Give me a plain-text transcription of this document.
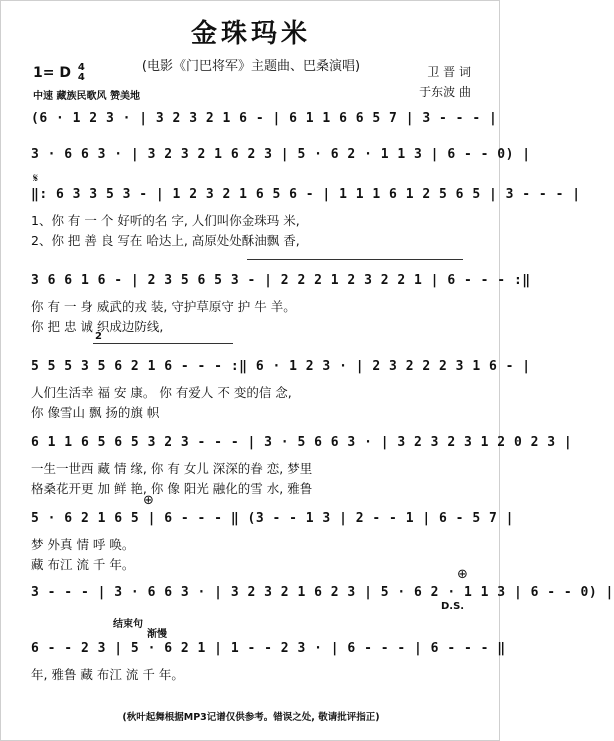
金珠玛米
(电影《门巴将军》主题曲、巴桑演唱)
1= D 4
4
中速 藏族民歌风 赞美地
卫 晋 词
于东波 曲
(6 · 1 2 3 · | 3 2 3 2 1 6 - | 6 1 1 6 6 5 7 | 3 - - - |
3 · 6 6 3 · | 3 2 3 2 1 6 2 3 | 5 · 6 2 · 1 1 3 | 6 - - 0) |
𝄋
‖: 6 3 3 5 3 - | 1 2 3 2 1 6 5 6 - | 1 1 1 6 1 2 5 6 5 | 3 - - - |
1、你 有 一 个 好听的名 字, 人们叫你金珠玛 米,
2、你 把 善 良 写在 哈达上, 高原处处酥油飘 香,
3 6 6 1 6 - | 2 3 5 6 5 3 - | 2 2 2 1 2 3 2 2 1 | 6 - - - :‖
你 有 一 身 威武的戎 装, 守护草原守 护 牛 羊。
你 把 忠 诚 织成边防线,
2
5 5 5 3 5 6 2 1 6 - - - :‖ 6 · 1 2 3 · | 2 3 2 2 2 3 1 6 - |
人们生活幸 福 安 康。 你 有爱人 不 变的信 念,
你 像雪山 飘 扬的旗 帜
6 1 1 6 5 6 5 3 2 3 - - - | 3 · 5 6 6 3 · | 3 2 3 2 3 1 2 0 2 3 |
一生一世西 藏 情 缘, 你 有 女儿 深深的眷 恋, 梦里
格桑花开更 加 鲜 艳, 你 像 阳光 融化的雪 水, 雅鲁
⊕
5 · 6 2 1 6 5 | 6 - - - ‖ (3 - - 1 3 | 2 - - 1 | 6 - 5 7 |
梦 外真 情 呼 唤。
藏 布江 流 千 年。
⊕
3 - - - | 3 · 6 6 3 · | 3 2 3 2 1 6 2 3 | 5 · 6 2 · 1 1 3 | 6 - - 0) |
D.S.
结束句
渐慢
6 - - 2 3 | 5 · 6 2 1 | 1 - - 2 3 · | 6 - - - | 6 - - - ‖
年, 雅鲁 藏 布江 流 千 年。
(秋叶起舞根据MP3记谱仅供参考。错误之处, 敬请批评指正)
